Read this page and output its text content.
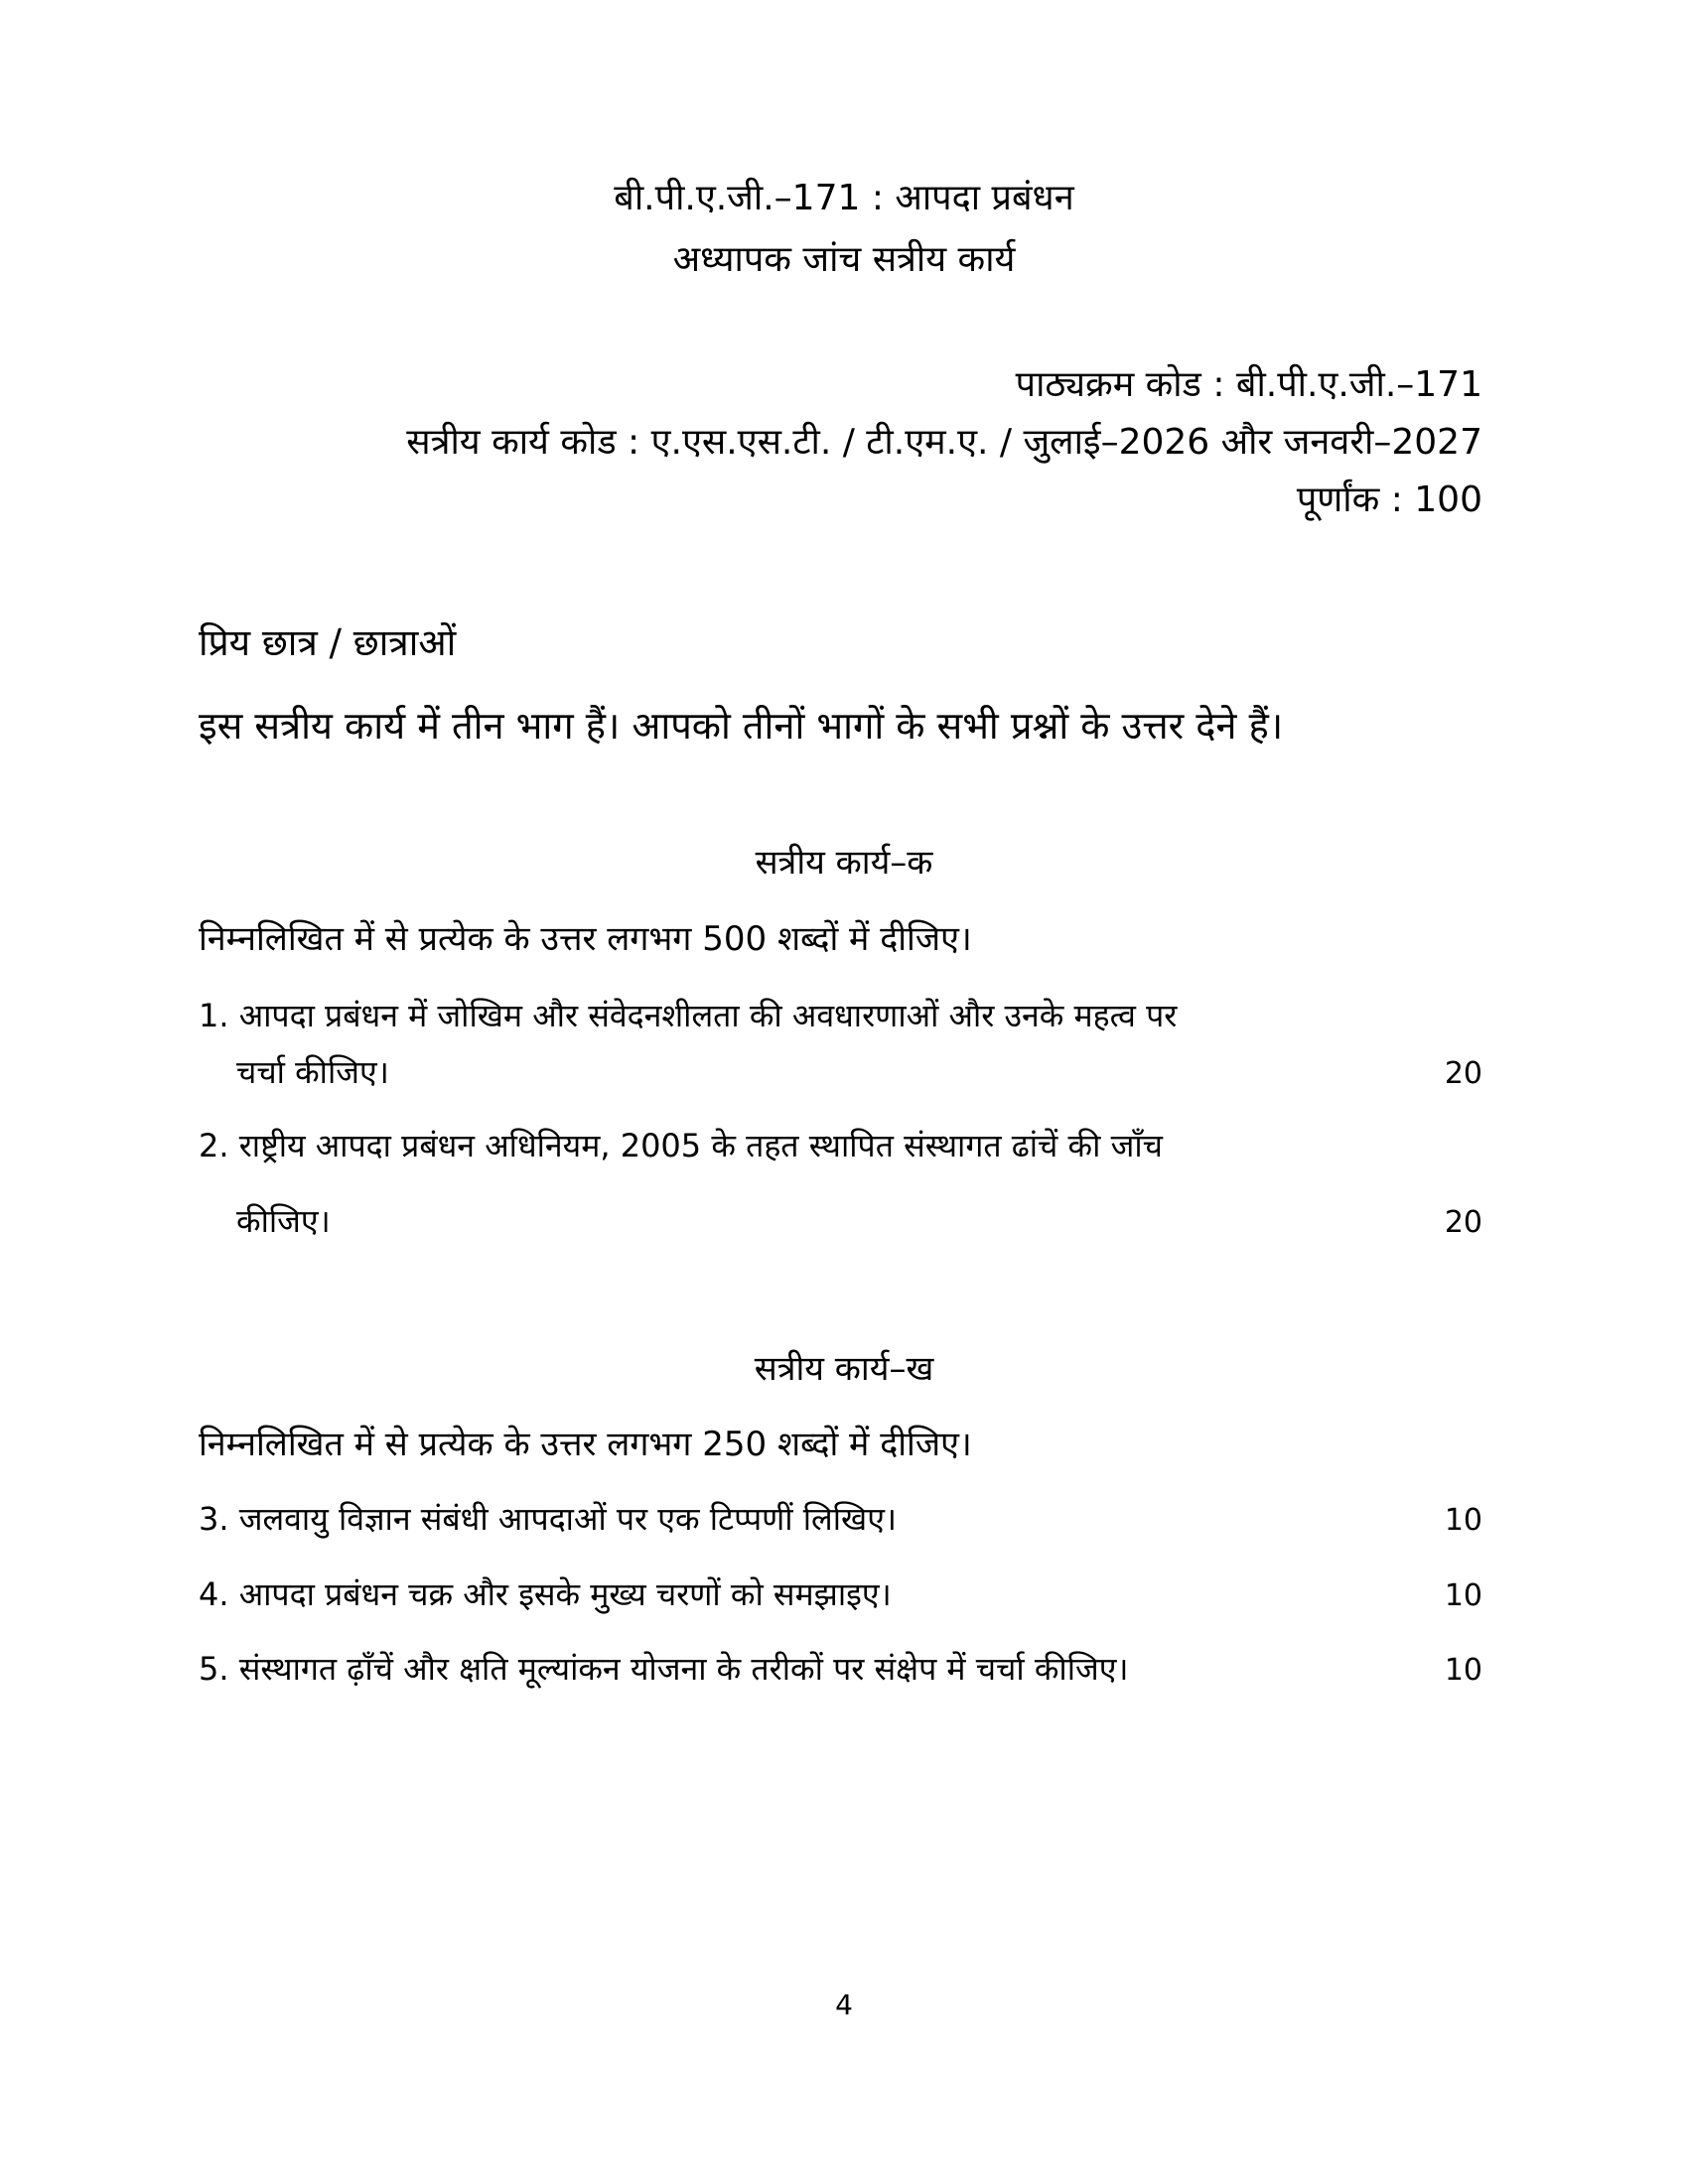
बी.पी.ए.जी.–171 : आपदा प्रबंधन
अध्यापक जांच सत्रीय कार्य
पाठ्यक्रम कोड : बी.पी.ए.जी.–171
सत्रीय कार्य कोड : ए.एस.एस.टी. / टी.एम.ए. / जुलाई–2026 और जनवरी–2027
पूर्णांक : 100
प्रिय छात्र / छात्राओं
इस सत्रीय कार्य में तीन भाग हैं। आपको तीनों भागों के सभी प्रश्नों के उत्तर देने हैं।
सत्रीय कार्य–क
निम्नलिखित में से प्रत्येक के उत्तर लगभग 500 शब्दों में दीजिए।
1. आपदा प्रबंधन में जोखिम और संवेदनशीलता की अवधारणाओं और उनके महत्व पर
चर्चा कीजिए।	20
2. राष्ट्रीय आपदा प्रबंधन अधिनियम, 2005 के तहत स्थापित संस्थागत ढांचें की जाँच
कीजिए।	20
सत्रीय कार्य–ख
निम्नलिखित में से प्रत्येक के उत्तर लगभग 250 शब्दों में दीजिए।
3. जलवायु विज्ञान संबंधी आपदाओं पर एक टिप्पणीं लिखिए।	10
4. आपदा प्रबंधन चक्र और इसके मुख्य चरणों को समझाइए।	10
5. संस्थागत ढ़ाँचें और क्षति मूल्यांकन योजना के तरीकों पर संक्षेप में चर्चा कीजिए।	10
4
